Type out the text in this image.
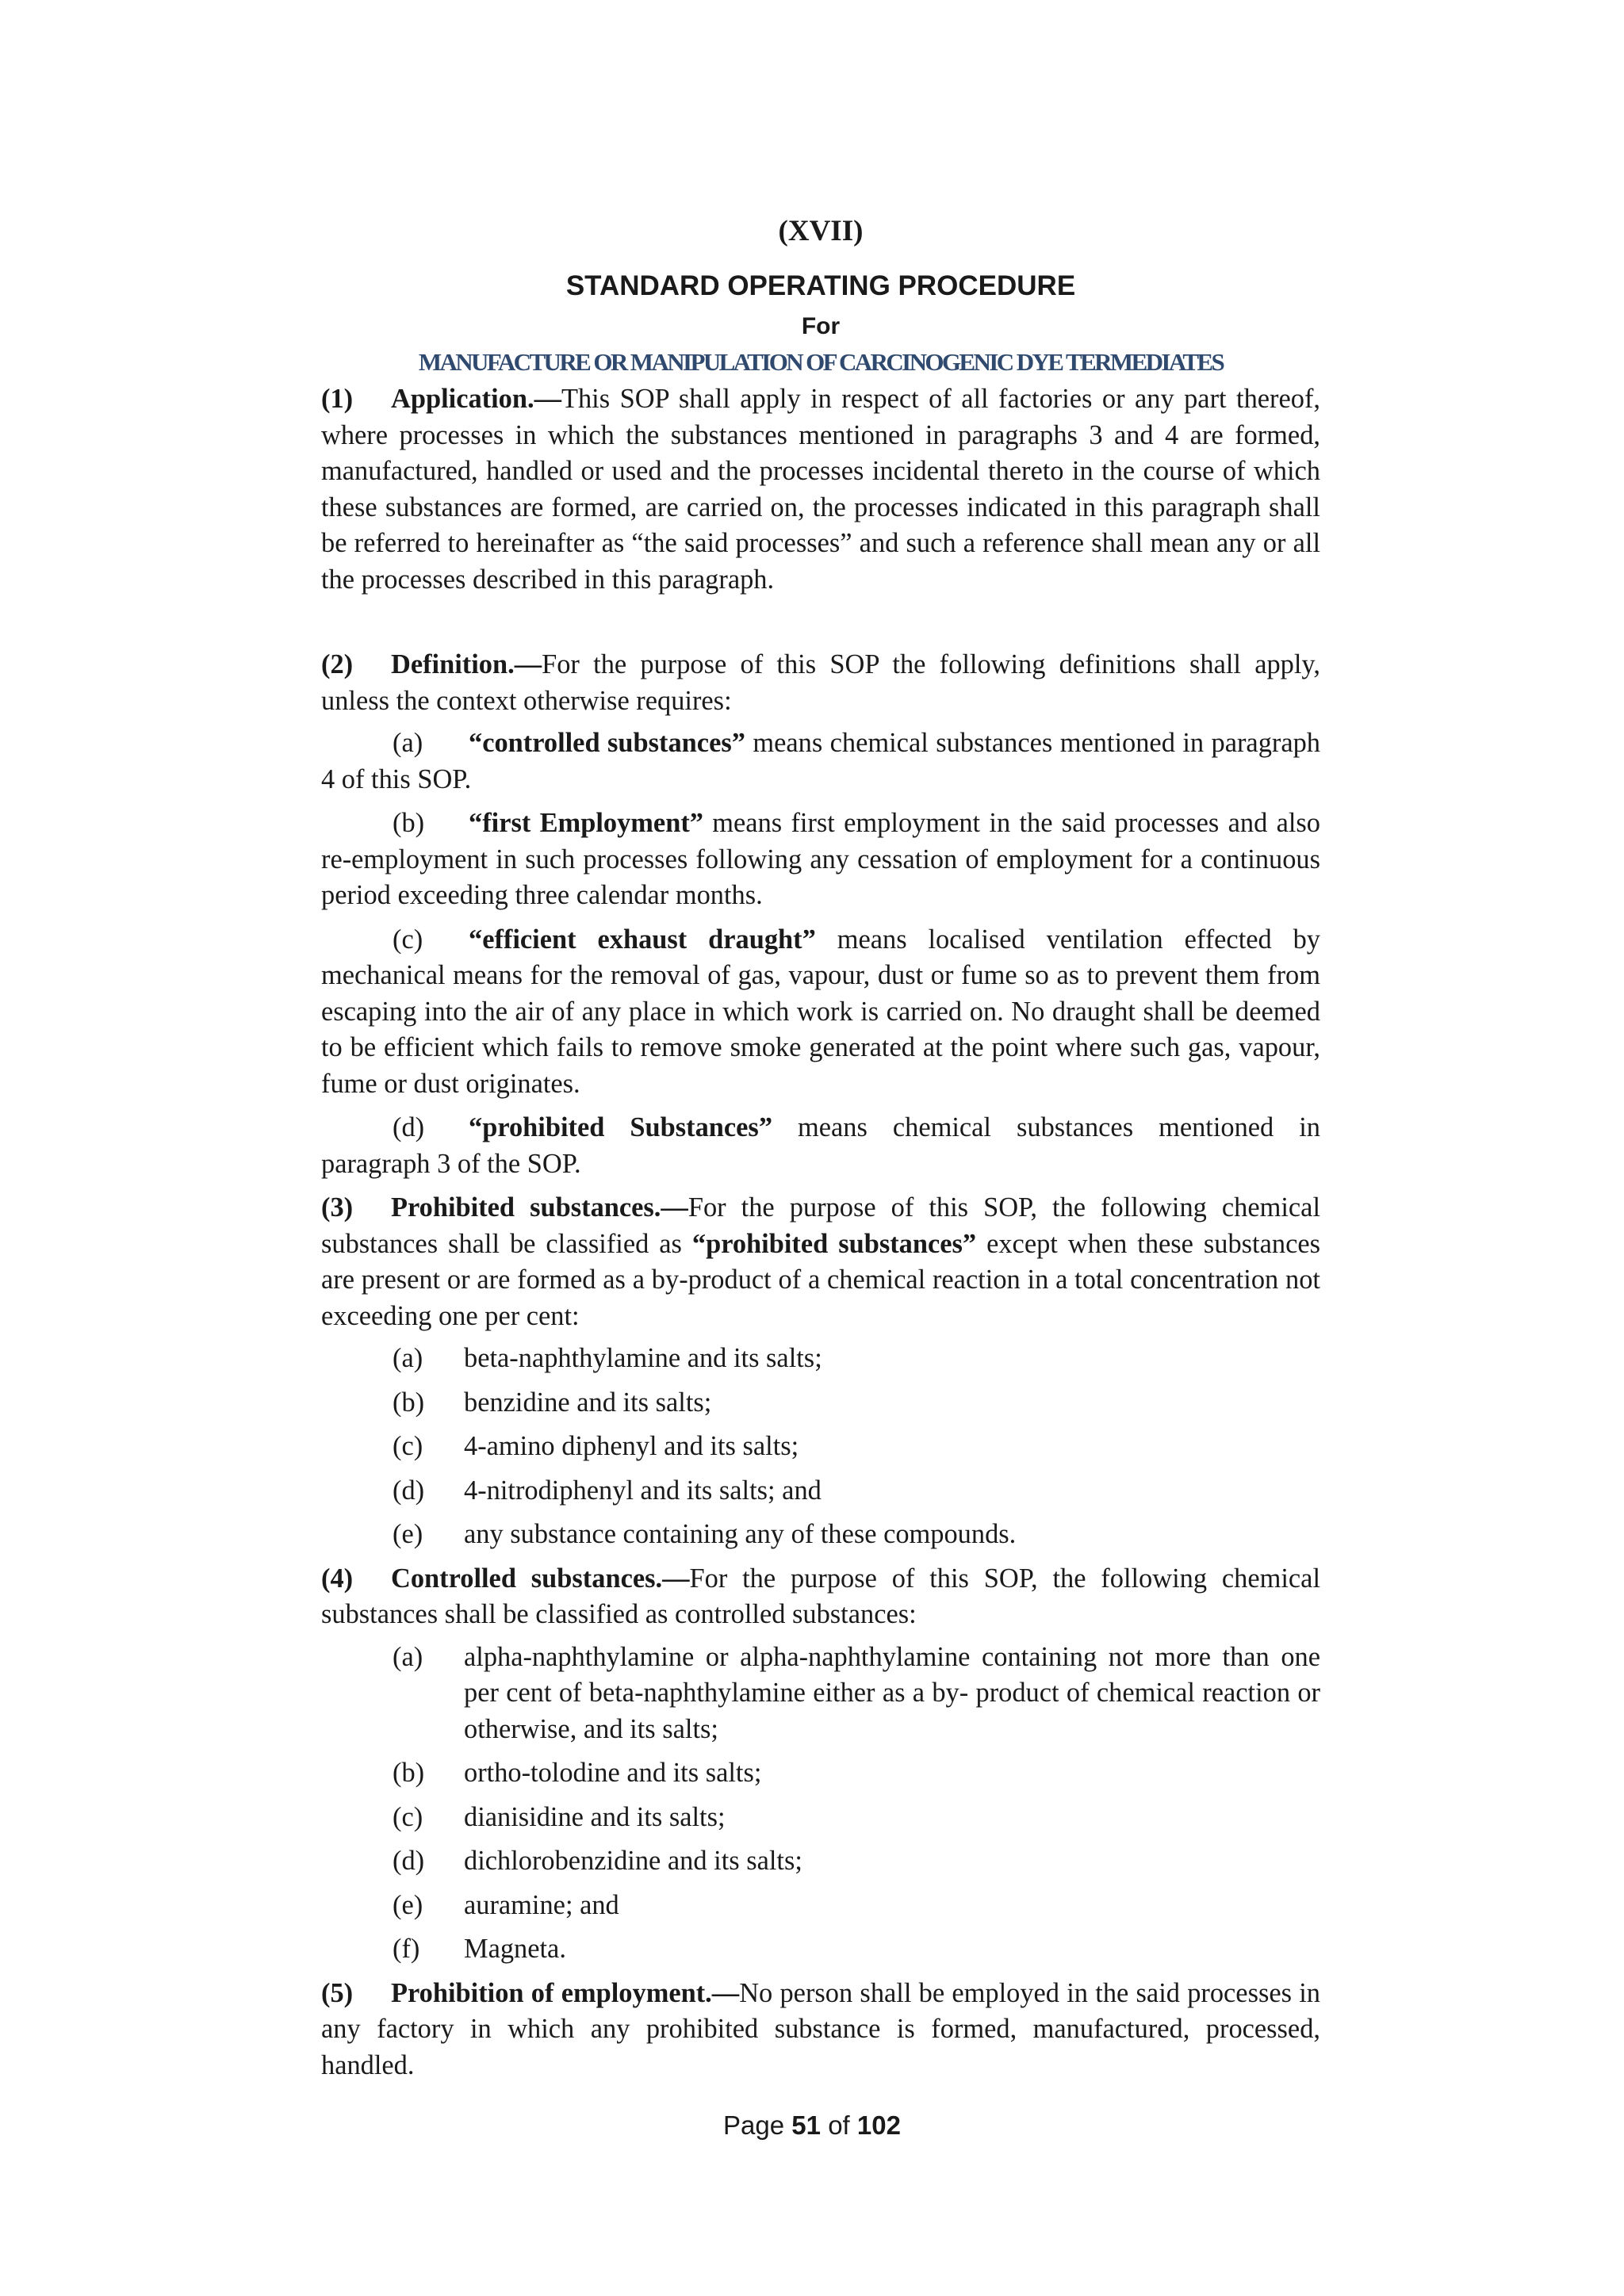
(XVII)
STANDARD OPERATING PROCEDURE
For
MANUFACTURE OR MANIPULATION OF CARCINOGENIC DYE TERMEDIATES

(1) Application.—This SOP shall apply in respect of all factories or any part thereof, where processes in which the substances mentioned in paragraphs 3 and 4 are formed, manufactured, handled or used and the processes incidental thereto in the course of which these substances are formed, are carried on, the processes indicated in this paragraph shall be referred to hereinafter as “the said processes” and such a reference shall mean any or all the processes described in this paragraph.

(2) Definition.—For the purpose of this SOP the following definitions shall apply, unless the context otherwise requires:

(a) “controlled substances” means chemical substances mentioned in paragraph 4 of this SOP.

(b) “first Employment” means first employment in the said processes and also re-employment in such processes following any cessation of employment for a continuous period exceeding three calendar months.

(c) “efficient exhaust draught” means localised ventilation effected by mechanical means for the removal of gas, vapour, dust or fume so as to prevent them from escaping into the air of any place in which work is carried on. No draught shall be deemed to be efficient which fails to remove smoke generated at the point where such gas, vapour, fume or dust originates.

(d) “prohibited Substances” means chemical substances mentioned in paragraph 3 of the SOP.

(3) Prohibited substances.—For the purpose of this SOP, the following chemical substances shall be classified as “prohibited substances” except when these substances are present or are formed as a by-product of a chemical reaction in a total concentration not exceeding one per cent:

(a)	beta-naphthylamine and its salts;
(b)	benzidine and its salts;
(c)	4-amino diphenyl and its salts;
(d)	4-nitrodiphenyl and its salts; and
(e)	any substance containing any of these compounds.

(4) Controlled substances.—For the purpose of this SOP, the following chemical substances shall be classified as controlled substances:

(a)	alpha-naphthylamine or alpha-naphthylamine containing not more than one per cent of beta-naphthylamine either as a by- product of chemical reaction or otherwise, and its salts;
(b)	ortho-tolodine and its salts;
(c)	dianisidine and its salts;
(d)	dichlorobenzidine and its salts;
(e)	auramine; and
(f)	Magneta.

(5) Prohibition of employment.—No person shall be employed in the said processes in any factory in which any prohibited substance is formed, manufactured, processed, handled.

Page 51 of 102
